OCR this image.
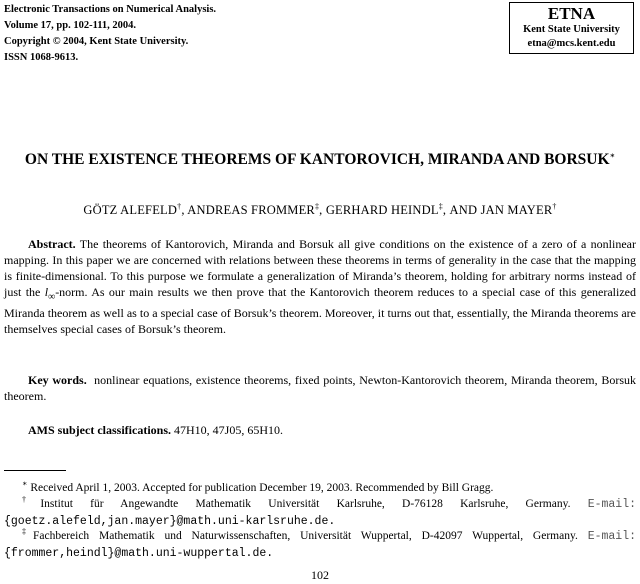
Electronic Transactions on Numerical Analysis.
Volume 17, pp. 102-111, 2004.
Copyright © 2004, Kent State University.
ISSN 1068-9613.
ETNA
Kent State University
etna@mcs.kent.edu
ON THE EXISTENCE THEOREMS OF KANTOROVICH, MIRANDA AND BORSUK∗
GÖTZ ALEFELD†, ANDREAS FROMMER‡, GERHARD HEINDL‡, AND JAN MAYER†
Abstract. The theorems of Kantorovich, Miranda and Borsuk all give conditions on the existence of a zero of a nonlinear mapping. In this paper we are concerned with relations between these theorems in terms of generality in the case that the mapping is finite-dimensional. To this purpose we formulate a generalization of Miranda’s theorem, holding for arbitrary norms instead of just the $l_\infty$-norm. As our main results we then prove that the Kantorovich theorem reduces to a special case of this generalized Miranda theorem as well as to a special case of Borsuk’s theorem. Moreover, it turns out that, essentially, the Miranda theorems are themselves special cases of Borsuk’s theorem.
Key words. nonlinear equations, existence theorems, fixed points, Newton-Kantorovich theorem, Miranda theorem, Borsuk theorem.
AMS subject classifications. 47H10, 47J05, 65H10.
∗ Received April 1, 2003. Accepted for publication December 19, 2003. Recommended by Bill Gragg.
†Institut für Angewandte Mathematik Universität Karlsruhe, D-76128 Karlsruhe, Germany. E-mail: {goetz.alefeld,jan.mayer}@math.uni-karlsruhe.de.
‡Fachbereich Mathematik und Naturwissenschaften, Universität Wuppertal, D-42097 Wuppertal, Germany. E-mail: {frommer,heindl}@math.uni-wuppertal.de.
102
